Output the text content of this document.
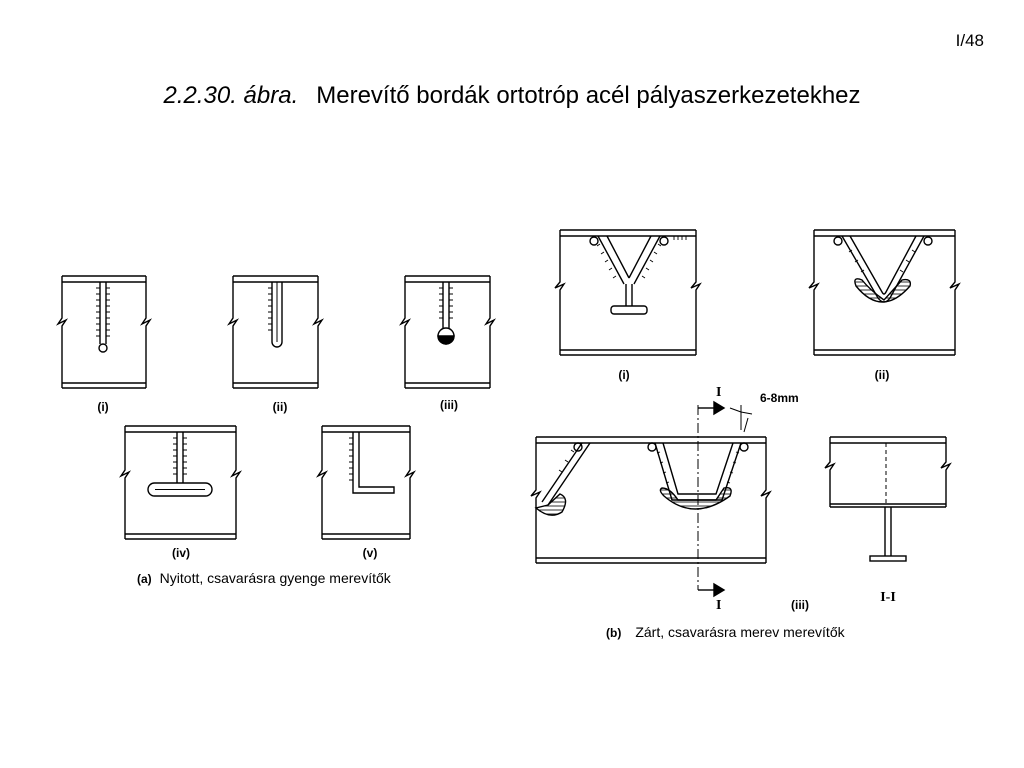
I/48
2.2.30. ábra. Merevítő bordák ortotróp acél pályaszerkezetekhez
(i)	(ii)	(iii)
(iv)	(v)
(a) Nyitott, csavarásra gyenge merevítők
(i)	(ii)
I
I
6-8mm
(iii)	I-I
(b) Zárt, csavarásra merev merevítők
